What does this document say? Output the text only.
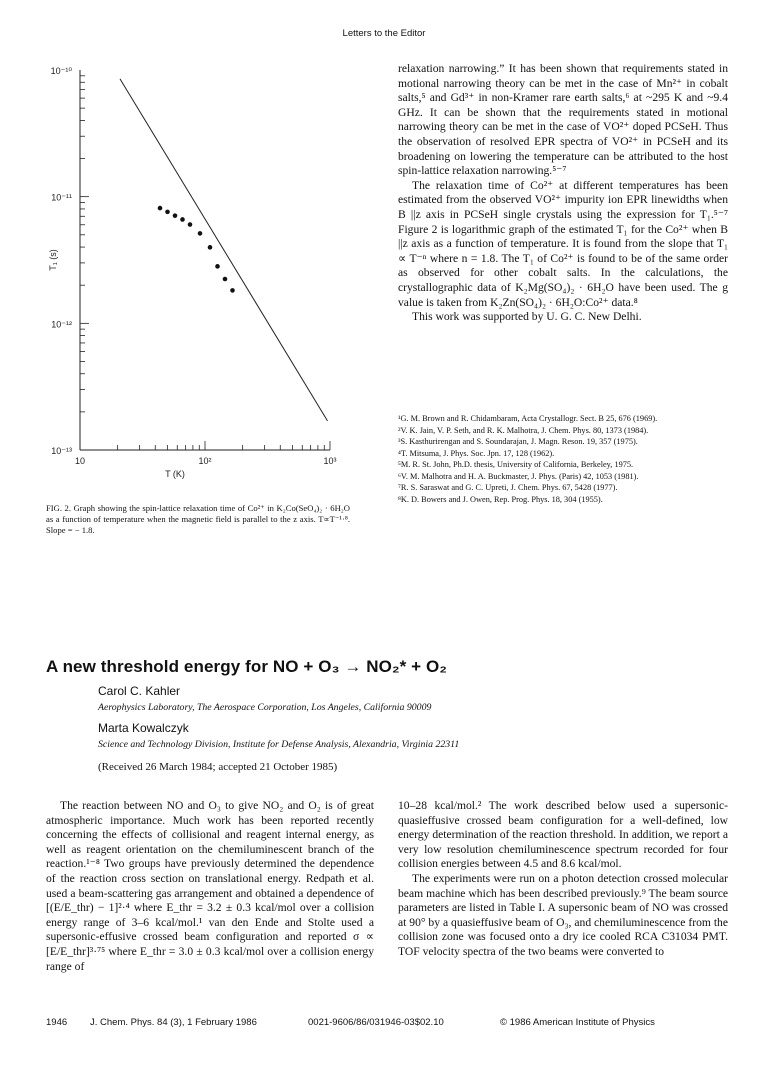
Letters to the Editor
10⁻¹⁰
10⁻¹¹
10⁻¹²
10⁻¹³
10	10²	10³
T (K)
T₁ (s)

relaxation narrowing.” It has been shown that requirements stated in motional narrowing theory can be met in the case of Mn²⁺ in cobalt salts,⁵ and Gd³⁺ in non-Kramer rare earth salts,⁶ at ~295 K and ~9.4 GHz. It can be shown that the requirements stated in motional narrowing theory can be met in the case of VO²⁺ doped PCSeH. Thus the observation of resolved EPR spectra of VO²⁺ in PCSeH and its broadening on lowering the temperature can be attributed to the host spin-lattice relaxation narrowing.⁵⁻⁷

The relaxation time of Co²⁺ at different temperatures has been estimated from the observed VO²⁺ impurity ion EPR linewidths when B ||z axis in PCSeH single crystals using the expression for T₁.⁵⁻⁷ Figure 2 is logarithmic graph of the estimated T₁ for the Co²⁺ when B ||z axis as a function of temperature. It is found from the slope that T₁ ∝ T⁻ⁿ where n = 1.8. The T₁ of Co²⁺ is found to be of the same order as observed for other cobalt salts. In the calculations, the crystallographic data of K₂Mg(SO₄)₂ · 6H₂O have been used. The g value is taken from K₂Zn(SO₄)₂ · 6H₂O:Co²⁺ data.⁸

This work was supported by U. G. C. New Delhi.

¹G. M. Brown and R. Chidambaram, Acta Crystallogr. Sect. B 25, 676 (1969).

²V. K. Jain, V. P. Seth, and R. K. Malhotra, J. Chem. Phys. 80, 1373 (1984).

³S. Kasthurirengan and S. Soundarajan, J. Magn. Reson. 19, 357 (1975).

⁴T. Mitsuma, J. Phys. Soc. Jpn. 17, 128 (1962).

⁵M. R. St. John, Ph.D. thesis, University of California, Berkeley, 1975.

⁶V. M. Malhotra and H. A. Buckmaster, J. Phys. (Paris) 42, 1053 (1981).

⁷R. S. Saraswat and G. C. Upreti, J. Chem. Phys. 67, 5428 (1977).

⁸K. D. Bowers and J. Owen, Rep. Prog. Phys. 18, 304 (1955).

FIG. 2. Graph showing the spin-lattice relaxation time of Co²⁺ in K₂Co(SeO₄)₂ · 6H₂O as a function of temperature when the magnetic field is parallel to the z axis. T∝T⁻¹·⁸. Slope = − 1.8.
A new threshold energy for NO + O₃ → NO₂* + O₂
Carol C. Kahler
Aerophysics Laboratory, The Aerospace Corporation, Los Angeles, California 90009
Marta Kowalczyk
Science and Technology Division, Institute for Defense Analysis, Alexandria, Virginia 22311
(Received 26 March 1984; accepted 21 October 1985)

The reaction between NO and O₃ to give NO₂ and O₂ is of great atmospheric importance. Much work has been reported recently concerning the effects of collisional and reagent internal energy, as well as reagent orientation on the chemiluminescent branch of the reaction.¹⁻⁸ Two groups have previously determined the dependence of the reaction cross section on translational energy. Redpath et al. used a beam-scattering gas arrangement and obtained a dependence of [(E/E_thr) − 1]²·⁴ where E_thr = 3.2 ± 0.3 kcal/mol over a collision energy range of 3–6 kcal/mol.¹ van den Ende and Stolte used a supersonic-effusive crossed beam configuration and reported σ ∝ [E/E_thr]³·⁷⁵ where E_thr = 3.0 ± 0.3 kcal/mol over a collision energy range of

10–28 kcal/mol.² The work described below used a supersonic-quasieffusive crossed beam configuration for a well-defined, low energy determination of the reaction threshold. In addition, we report a very low resolution chemiluminescence spectrum recorded for four collision energies between 4.5 and 8.6 kcal/mol.

The experiments were run on a photon detection crossed molecular beam machine which has been described previously.⁹ The beam source parameters are listed in Table I. A supersonic beam of NO was crossed at 90° by a quasieffusive beam of O₃, and chemiluminescence from the collision zone was focused onto a dry ice cooled RCA C31034 PMT. TOF velocity spectra of the two beams were converted to

1946 J. Chem. Phys. 84 (3), 1 February 1986	0021-9606/86/031946-03$02.10	© 1986 American Institute of Physics
